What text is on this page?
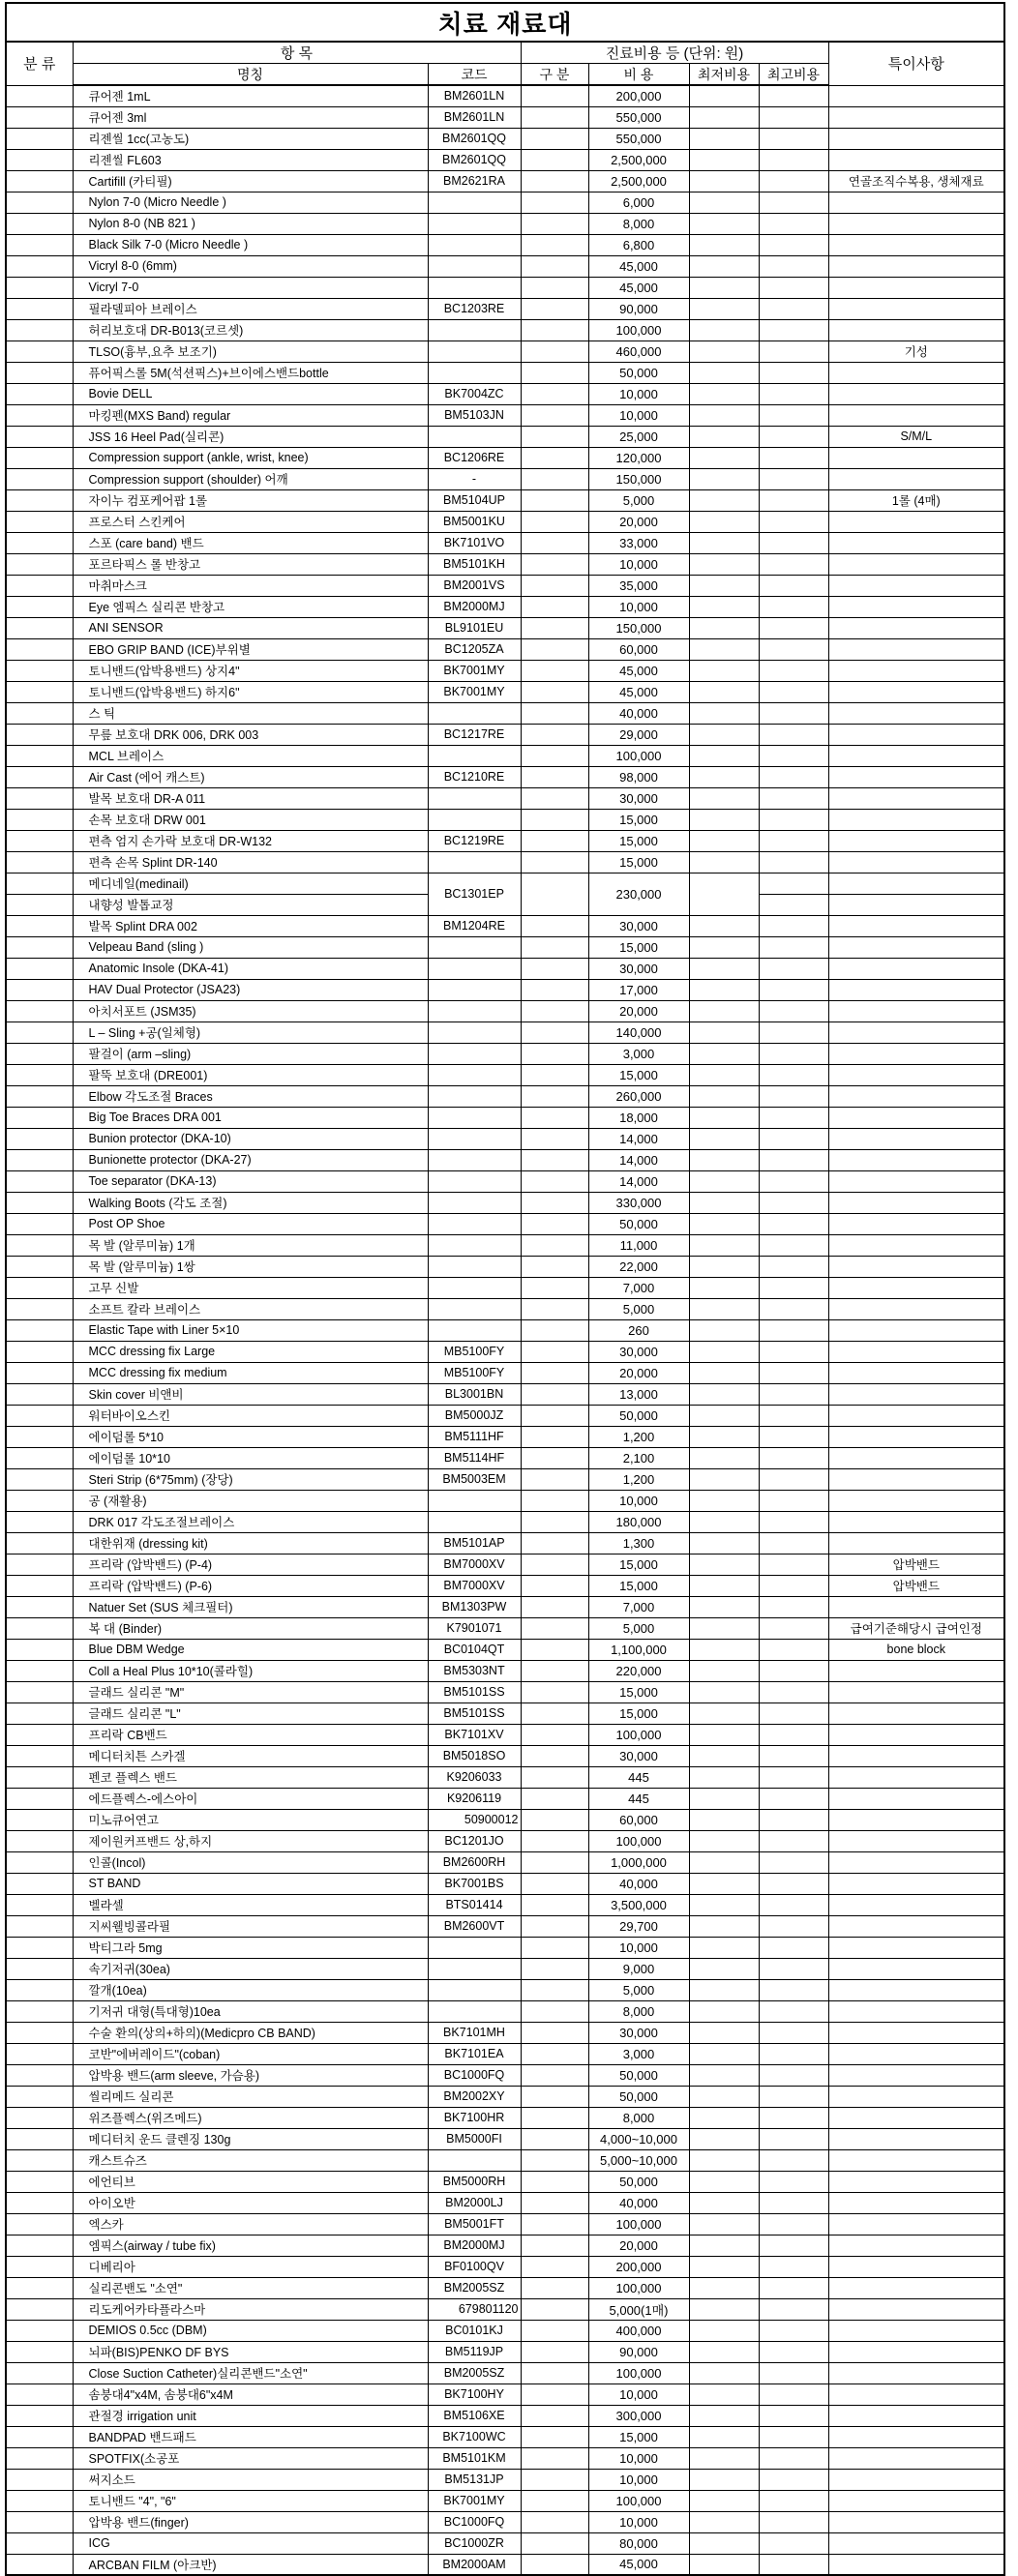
치료 재료대							
분 류	항 목		진료비용 등 (단위: 원)				특이사항
	명칭	코드	구 분	비 용	최저비용	최고비용	
	큐어젠 1mL	BM2601LN		200,000			
	큐어젠 3ml	BM2601LN		550,000			
	리젠씰 1cc(고농도)	BM2601QQ		550,000			
	리젠씰 FL603	BM2601QQ		2,500,000			
	Cartifill (카티필)	BM2621RA		2,500,000			연골조직수복용, 생체재료
	Nylon 7-0 (Micro Needle )			6,000			
	Nylon 8-0 (NB 821 )			8,000			
	Black Silk 7-0 (Micro Needle )			6,800			
	Vicryl 8-0 (6mm)			45,000			
	Vicryl 7-0			45,000			
	필라델피아 브레이스	BC1203RE		90,000			
	허리보호대 DR-B013(코르셋)			100,000			
	TLSO(흉부,요추 보조기)			460,000			기성
	퓨어픽스롤 5M(석션픽스)+브이에스밴드bottle			50,000			
	Bovie DELL	BK7004ZC		10,000			
	마킹펜(MXS Band) regular	BM5103JN		10,000			
	JSS 16 Heel Pad(실리콘)			25,000			S/M/L
	Compression support (ankle, wrist, knee)	BC1206RE		120,000			
	Compression support (shoulder) 어깨	-		150,000			
	자이누 컴포케어팝 1롤	BM5104UP		5,000			1롤 (4매)
	프로스터 스킨케어	BM5001KU		20,000			
	스포 (care band) 밴드	BK7101VO		33,000			
	포르타픽스 롤 반창고	BM5101KH		10,000			
	마취마스크	BM2001VS		35,000			
	Eye 엠픽스 실리콘 반창고	BM2000MJ		10,000			
	ANI SENSOR	BL9101EU		150,000			
	EBO GRIP BAND (ICE)부위별	BC1205ZA		60,000			
	토니밴드(압박용밴드) 상지4"	BK7001MY		45,000			
	토니밴드(압박용밴드) 하지6"	BK7001MY		45,000			
	스 틱			40,000			
	무릎 보호대 DRK 006, DRK 003	BC1217RE		29,000			
	MCL 브레이스			100,000			
	Air Cast (에어 캐스트)	BC1210RE		98,000			
	발목 보호대 DR-A 011			30,000			
	손목 보호대 DRW 001			15,000			
	편측 엄지 손가락 보호대 DR-W132	BC1219RE		15,000			
	편측 손목 Splint DR-140			15,000			
	메디네일(medinail)	BC1301EP		230,000			
	내향성 발톱교정						
	발목 Splint DRA 002	BM1204RE		30,000			
	Velpeau Band (sling )			15,000			
	Anatomic Insole (DKA-41)			30,000			
	HAV Dual Protector (JSA23)			17,000			
	아치서포트 (JSM35)			20,000			
	L – Sling +공(일체형)			140,000			
	팔걸이 (arm –sling)			3,000			
	팔뚝 보호대 (DRE001)			15,000			
	Elbow 각도조절 Braces			260,000			
	Big Toe Braces DRA 001			18,000			
	Bunion protector (DKA-10)			14,000			
	Bunionette protector (DKA-27)			14,000			
	Toe separator (DKA-13)			14,000			
	Walking Boots (각도 조절)			330,000			
	Post OP Shoe			50,000			
	목 발 (알루미늄) 1개			11,000			
	목 발 (알루미늄) 1쌍			22,000			
	고무 신발			7,000			
	소프트 칼라 브레이스			5,000			
	Elastic Tape with Liner 5×10			260			
	MCC dressing fix Large	MB5100FY		30,000			
	MCC dressing fix medium	MB5100FY		20,000			
	Skin cover 비앤비	BL3001BN		13,000			
	워터바이오스킨	BM5000JZ		50,000			
	에이덤롤 5*10	BM5111HF		1,200			
	에이덤롤 10*10	BM5114HF		2,100			
	Steri Strip (6*75mm) (장당)	BM5003EM		1,200			
	공 (재활용)			10,000			
	DRK 017 각도조절브레이스			180,000			
	대한위재 (dressing kit)	BM5101AP		1,300			
	프리락 (압박밴드) (P-4)	BM7000XV		15,000			압박밴드
	프리락 (압박밴드) (P-6)	BM7000XV		15,000			압박밴드
	Natuer Set (SUS 체크필터)	BM1303PW		7,000			
	복 대 (Binder)	K7901071		5,000			급여기준해당시 급여인정
	Blue DBM Wedge	BC0104QT		1,100,000			bone block
	Coll a Heal Plus 10*10(콜라힐)	BM5303NT		220,000			
	글래드 실리콘 "M"	BM5101SS		15,000			
	글래드 실리콘 "L"	BM5101SS		15,000			
	프리락 CB밴드	BK7101XV		100,000			
	메디터치튼 스카겔	BM5018SO		30,000			
	펜코 플렉스 밴드	K9206033		445			
	에드플렉스-에스아이	K9206119		445			
	미노큐어연고	50900012		60,000			
	제이원커프밴드 상,하지	BC1201JO		100,000			
	인콜(Incol)	BM2600RH		1,000,000			
	ST BAND	BK7001BS		40,000			
	벨라셀	BTS01414		3,500,000			
	지씨웰빙콜라필	BM2600VT		29,700			
	박티그라 5mg			10,000			
	속기저귀(30ea)			9,000			
	깔개(10ea)			5,000			
	기저귀 대형(특대형)10ea			8,000			
	수술 환의(상의+하의)(Medicpro CB BAND)	BK7101MH		30,000			
	코반"에버레이드"(coban)	BK7101EA		3,000			
	압박용 밴드(arm sleeve, 가슴용)	BC1000FQ		50,000			
	씰리메드 실리콘	BM2002XY		50,000			
	위즈플렉스(위즈메드)	BK7100HR		8,000			
	메디터치 운드 클렌징 130g	BM5000FI		4,000~10,000			
	캐스트슈즈			5,000~10,000			
	에언티브	BM5000RH		50,000			
	아이오반	BM2000LJ		40,000			
	엑스카	BM5001FT		100,000			
	엠픽스(airway / tube fix)	BM2000MJ		20,000			
	디베리아	BF0100QV		200,000			
	실리콘밴도 "소연"	BM2005SZ		100,000			
	리도케어카타플라스마	679801120		5,000(1매)			
	DEMIOS 0.5cc (DBM)	BC0101KJ		400,000			
	뇌파(BIS)PENKO DF BYS	BM5119JP		90,000			
	Close Suction Catheter)실리콘밴드"소연"	BM2005SZ		100,000			
	솜붕대4"x4M, 솜붕대6"x4M	BK7100HY		10,000			
	관절경 irrigation unit	BM5106XE		300,000			
	BANDPAD 밴드패드	BK7100WC		15,000			
	SPOTFIX(소공포	BM5101KM		10,000			
	써지소드	BM5131JP		10,000			
	토니밴드 "4", "6"	BK7001MY		100,000			
	압박용 밴드(finger)	BC1000FQ		10,000			
	ICG	BC1000ZR		80,000			
	ARCBAN FILM (아크반)	BM2000AM		45,000			
